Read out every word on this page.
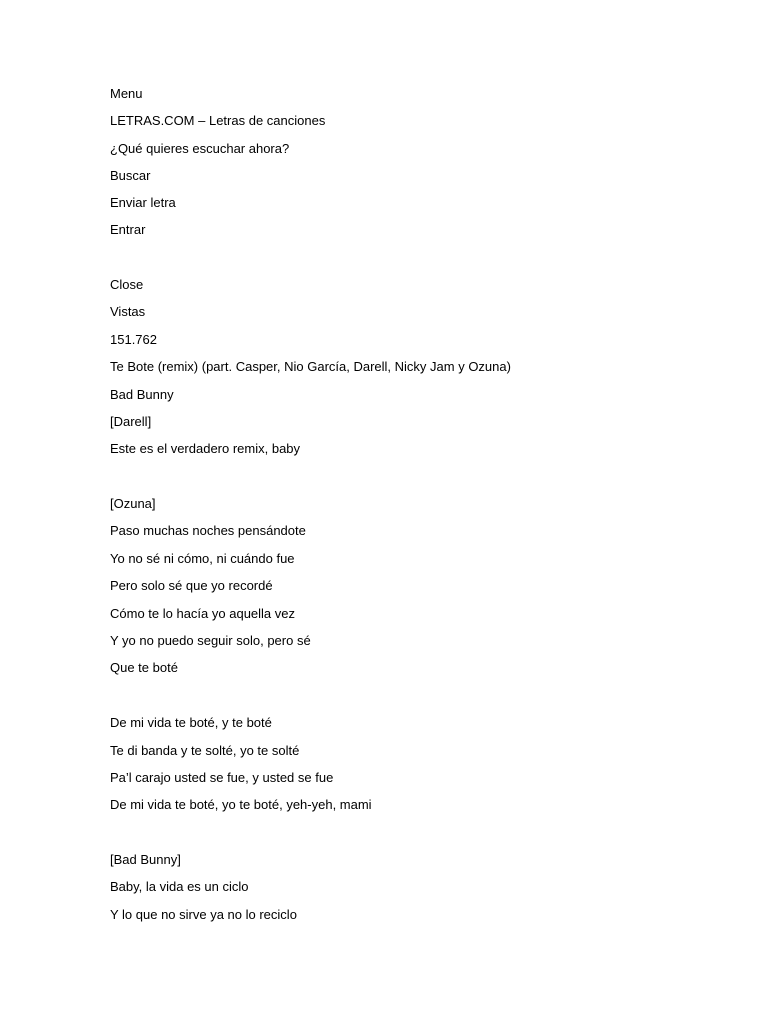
Menu
LETRAS.COM – Letras de canciones
¿Qué quieres escuchar ahora?
Buscar
Enviar letra
Entrar
Close
Vistas
151.762
Te Bote (remix) (part. Casper, Nio García, Darell, Nicky Jam y Ozuna)
Bad Bunny
[Darell]
Este es el verdadero remix, baby
[Ozuna]
Paso muchas noches pensándote
Yo no sé ni cómo, ni cuándo fue
Pero solo sé que yo recordé
Cómo te lo hacía yo aquella vez
Y yo no puedo seguir solo, pero sé
Que te boté
De mi vida te boté, y te boté
Te di banda y te solté, yo te solté
Pa’l carajo usted se fue, y usted se fue
De mi vida te boté, yo te boté, yeh-yeh, mami
[Bad Bunny]
Baby, la vida es un ciclo
Y lo que no sirve ya no lo reciclo
